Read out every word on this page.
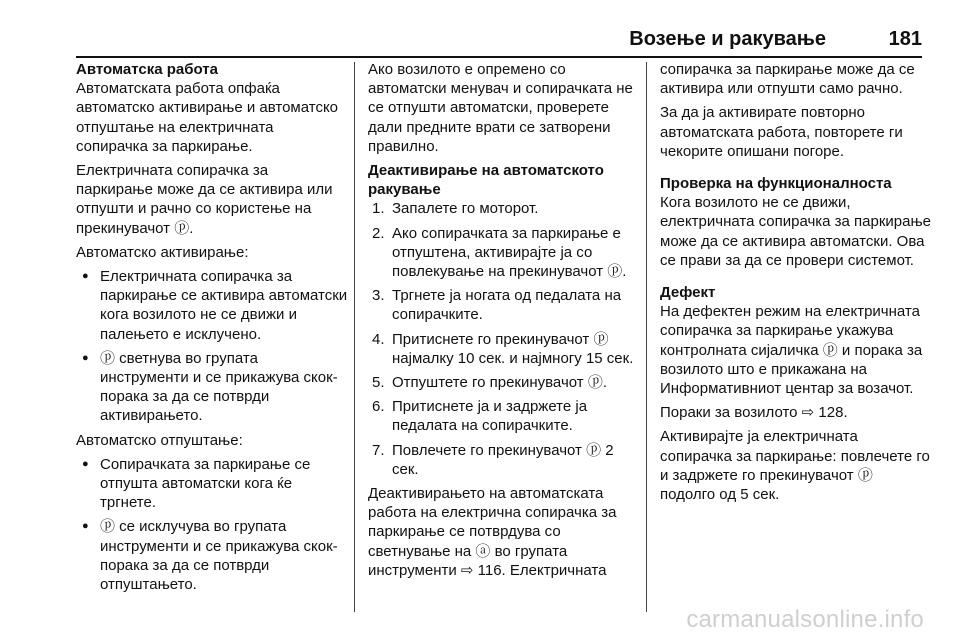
Возење и ракување	181
Автоматска работа

Автоматската работа опфаќа автоматско активирање и автоматско отпуштање на електричната сопирачка за паркирање.

Електричната сопирачка за паркирање може да се активира или отпушти и рачно со користење на прекинувачот ⓟ.

Автоматско активирање:

● Електричната сопирачка за паркирање се активира автоматски кога возилото не се движи и палењето е исклучено.
● ⓟ светнува во групата инструменти и се прикажува скок-порака за да се потврди активирањето.

Автоматско отпуштање:

● Сопирачката за паркирање се отпушта автоматски кога ќе тргнете.
● ⓟ се исклучува во групата инструменти и се прикажува скок-порака за да се потврди отпуштањето.

Ако возилото е опремено со автоматски менувач и сопирачката не се отпушти автоматски, проверете дали предните врати се затворени правилно.

Деактивирање на автоматското ракување
1. Запалете го моторот.
2. Ако сопирачката за паркирање е отпуштена, активирајте ја со повлекување на прекинувачот ⓟ.
3. Тргнете ја ногата од педалата на сопирачките.
4. Притиснете го прекинувачот ⓟ најмалку 10 сек. и најмногу 15 сек.
5. Отпуштете го прекинувачот ⓟ.
6. Притиснете ја и задржете ја педалата на сопирачките.
7. Повлечете го прекинувачот ⓟ 2 сек.

Деактивирањето на автоматската работа на електрична сопирачка за паркирање се потврдува со светнување на ⓐ во групата инструменти ⇨ 116. Електричната

сопирачка за паркирање може да се активира или отпушти само рачно.

За да ја активирате повторно автоматската работа, повторете ги чекорите опишани погоре.

Проверка на функционалноста

Кога возилото не се движи, електричната сопирачка за паркирање може да се активира автоматски. Ова се прави за да се провери системот.

Дефект

На дефектен режим на електричната сопирачка за паркирање укажува контролната сијаличка ⓟ и порака за возилото што е прикажана на Информативниот центар за возачот.

Пораки за возилото ⇨ 128.

Активирајте ја електричната сопирачка за паркирање: повлечете го и задржете го прекинувачот ⓟ подолго од 5 сек.

carmanualsonline.info
